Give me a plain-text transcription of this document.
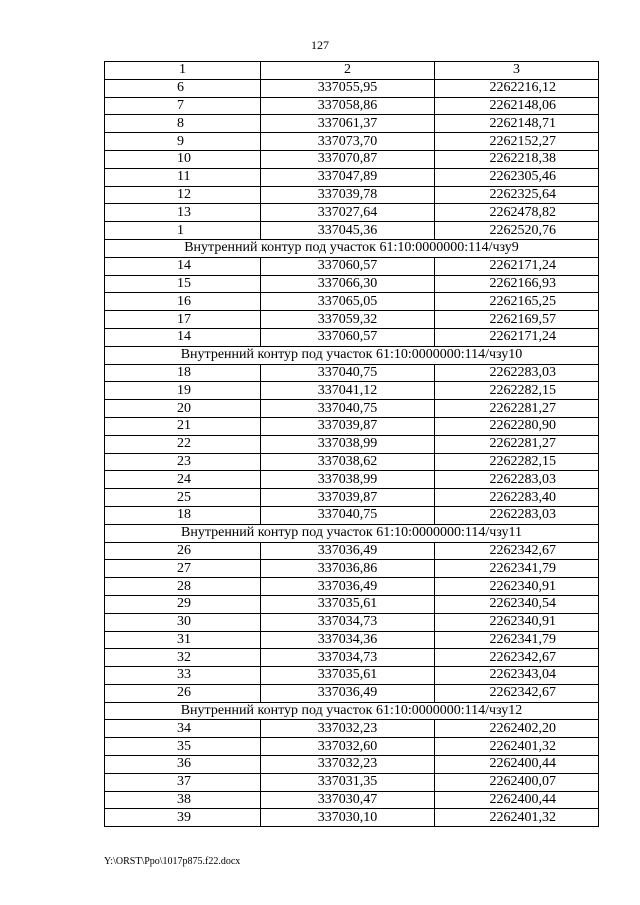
127
1	2	3
6	337055,95	2262216,12
7	337058,86	2262148,06
8	337061,37	2262148,71
9	337073,70	2262152,27
10	337070,87	2262218,38
11	337047,89	2262305,46
12	337039,78	2262325,64
13	337027,64	2262478,82
1	337045,36	2262520,76
Внутренний контур под участок 61:10:0000000:114/чзу9		
14	337060,57	2262171,24
15	337066,30	2262166,93
16	337065,05	2262165,25
17	337059,32	2262169,57
14	337060,57	2262171,24
Внутренний контур под участок 61:10:0000000:114/чзу10		
18	337040,75	2262283,03
19	337041,12	2262282,15
20	337040,75	2262281,27
21	337039,87	2262280,90
22	337038,99	2262281,27
23	337038,62	2262282,15
24	337038,99	2262283,03
25	337039,87	2262283,40
18	337040,75	2262283,03
Внутренний контур под участок 61:10:0000000:114/чзу11		
26	337036,49	2262342,67
27	337036,86	2262341,79
28	337036,49	2262340,91
29	337035,61	2262340,54
30	337034,73	2262340,91
31	337034,36	2262341,79
32	337034,73	2262342,67
33	337035,61	2262343,04
26	337036,49	2262342,67
Внутренний контур под участок 61:10:0000000:114/чзу12		
34	337032,23	2262402,20
35	337032,60	2262401,32
36	337032,23	2262400,44
37	337031,35	2262400,07
38	337030,47	2262400,44
39	337030,10	2262401,32
Y:\ORST\Ppo\1017p875.f22.docx
